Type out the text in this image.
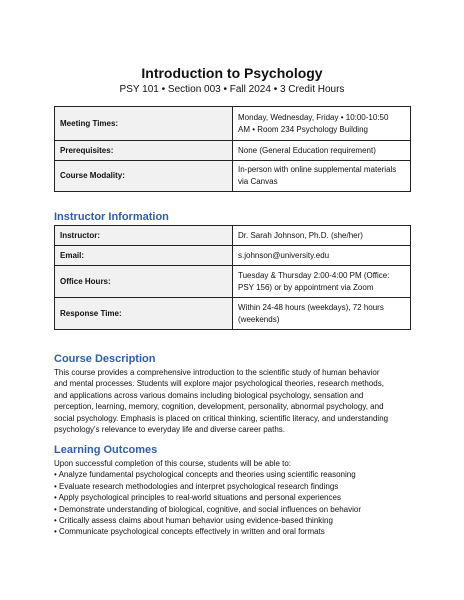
Introduction to Psychology
PSY 101 • Section 003 • Fall 2024 • 3 Credit Hours
Meeting Times:	Monday, Wednesday, Friday • 10:00-10:50
AM • Room 234 Psychology Building

Prerequisites:	None (General Education requirement)

Course Modality:	In-person with online supplemental materials
via Canvas
Instructor Information
Instructor:	Dr. Sarah Johnson, Ph.D. (she/her)

Email:	s.johnson@university.edu

Office Hours:	Tuesday & Thursday 2:00-4:00 PM (Office:
PSY 156) or by appointment via Zoom

Response Time:	Within 24-48 hours (weekdays), 72 hours
(weekends)
Course Description
This course provides a comprehensive introduction to the scientific study of human behavior
and mental processes. Students will explore major psychological theories, research methods,
and applications across various domains including biological psychology, sensation and
perception, learning, memory, cognition, development, personality, abnormal psychology, and
social psychology. Emphasis is placed on critical thinking, scientific literacy, and understanding
psychology's relevance to everyday life and diverse career paths.
Learning Outcomes
Upon successful completion of this course, students will be able to:
• Analyze fundamental psychological concepts and theories using scientific reasoning
• Evaluate research methodologies and interpret psychological research findings
• Apply psychological principles to real-world situations and personal experiences
• Demonstrate understanding of biological, cognitive, and social influences on behavior
• Critically assess claims about human behavior using evidence-based thinking
• Communicate psychological concepts effectively in written and oral formats
